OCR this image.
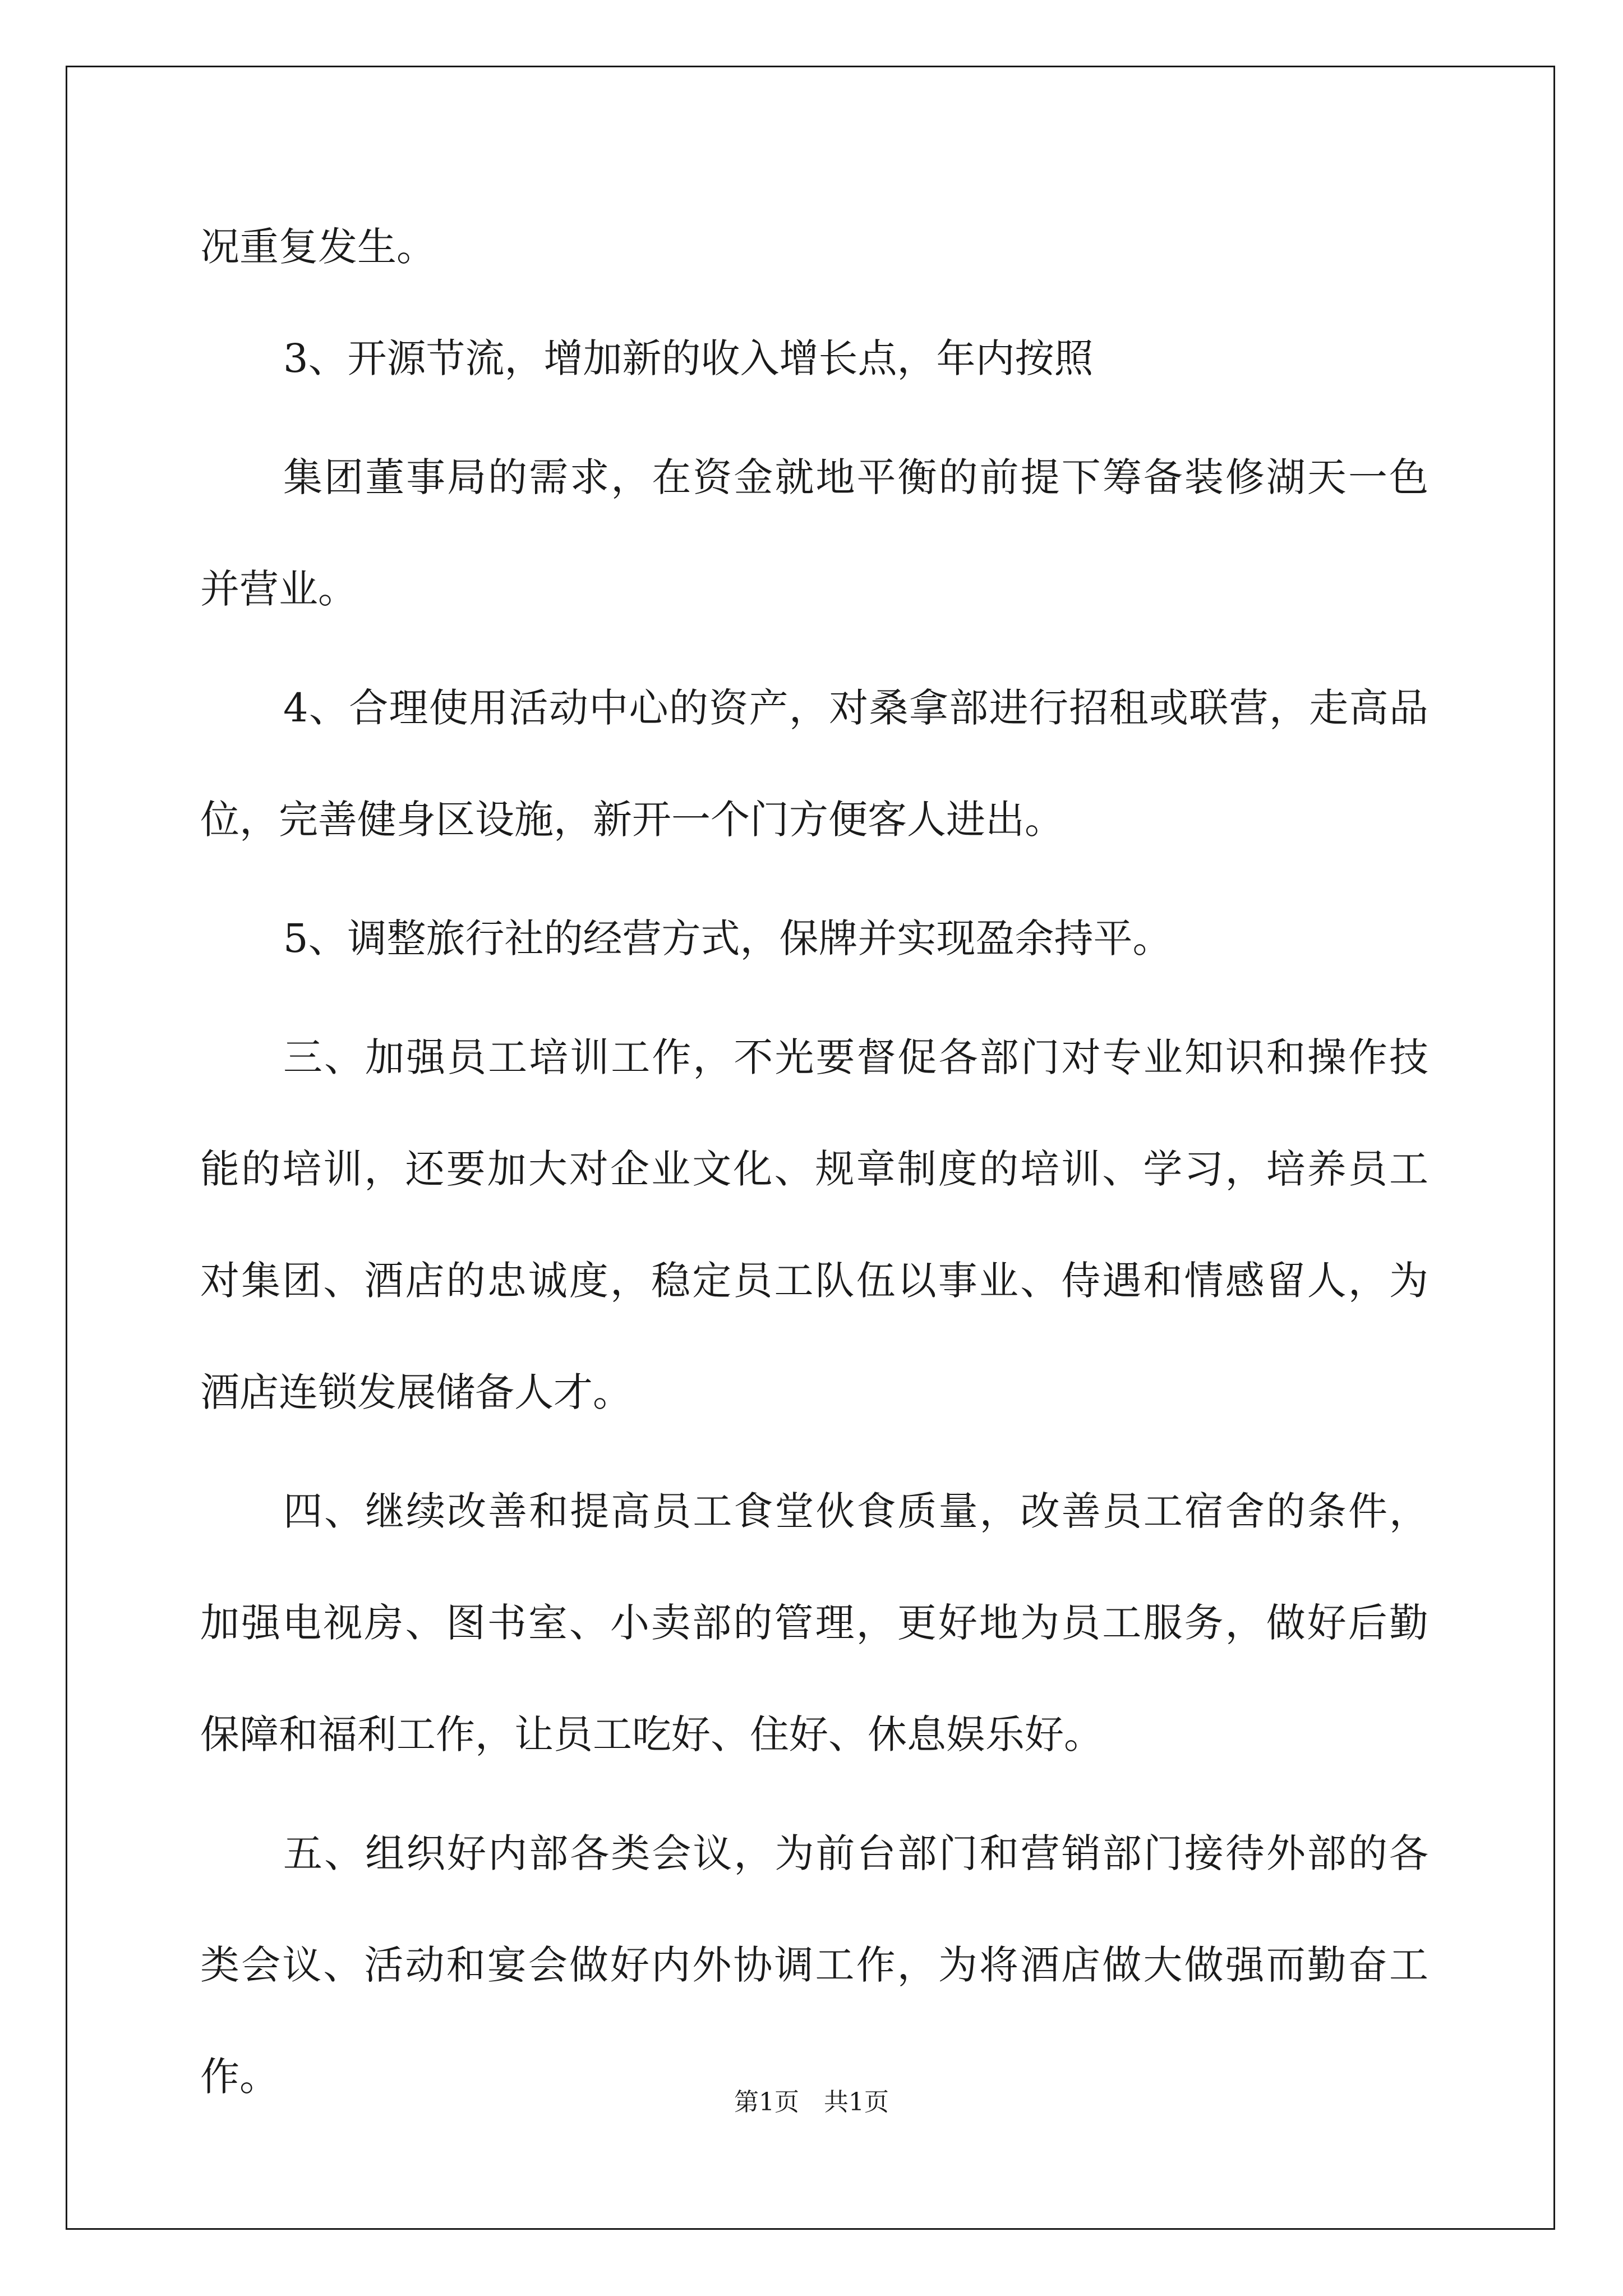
况重复发生。

3、开源节流，增加新的收入增长点，年内按照

集团董事局的需求，在资金就地平衡的前提下筹备装修湖天一色

并营业。

4、合理使用活动中心的资产，对桑拿部进行招租或联营，走高品

位，完善健身区设施，新开一个门方便客人进出。

5、调整旅行社的经营方式，保牌并实现盈余持平。

三、加强员工培训工作，不光要督促各部门对专业知识和操作技

能的培训，还要加大对企业文化、规章制度的培训、学习，培养员工

对集团、酒店的忠诚度，稳定员工队伍以事业、侍遇和情感留人，为

酒店连锁发展储备人才。

四、继续改善和提高员工食堂伙食质量，改善员工宿舍的条件，

加强电视房、图书室、小卖部的管理，更好地为员工服务，做好后勤

保障和福利工作，让员工吃好、住好、休息娱乐好。

五、组织好内部各类会议，为前台部门和营销部门接待外部的各

类会议、活动和宴会做好内外协调工作，为将酒店做大做强而勤奋工

作。

第1页 共1页
